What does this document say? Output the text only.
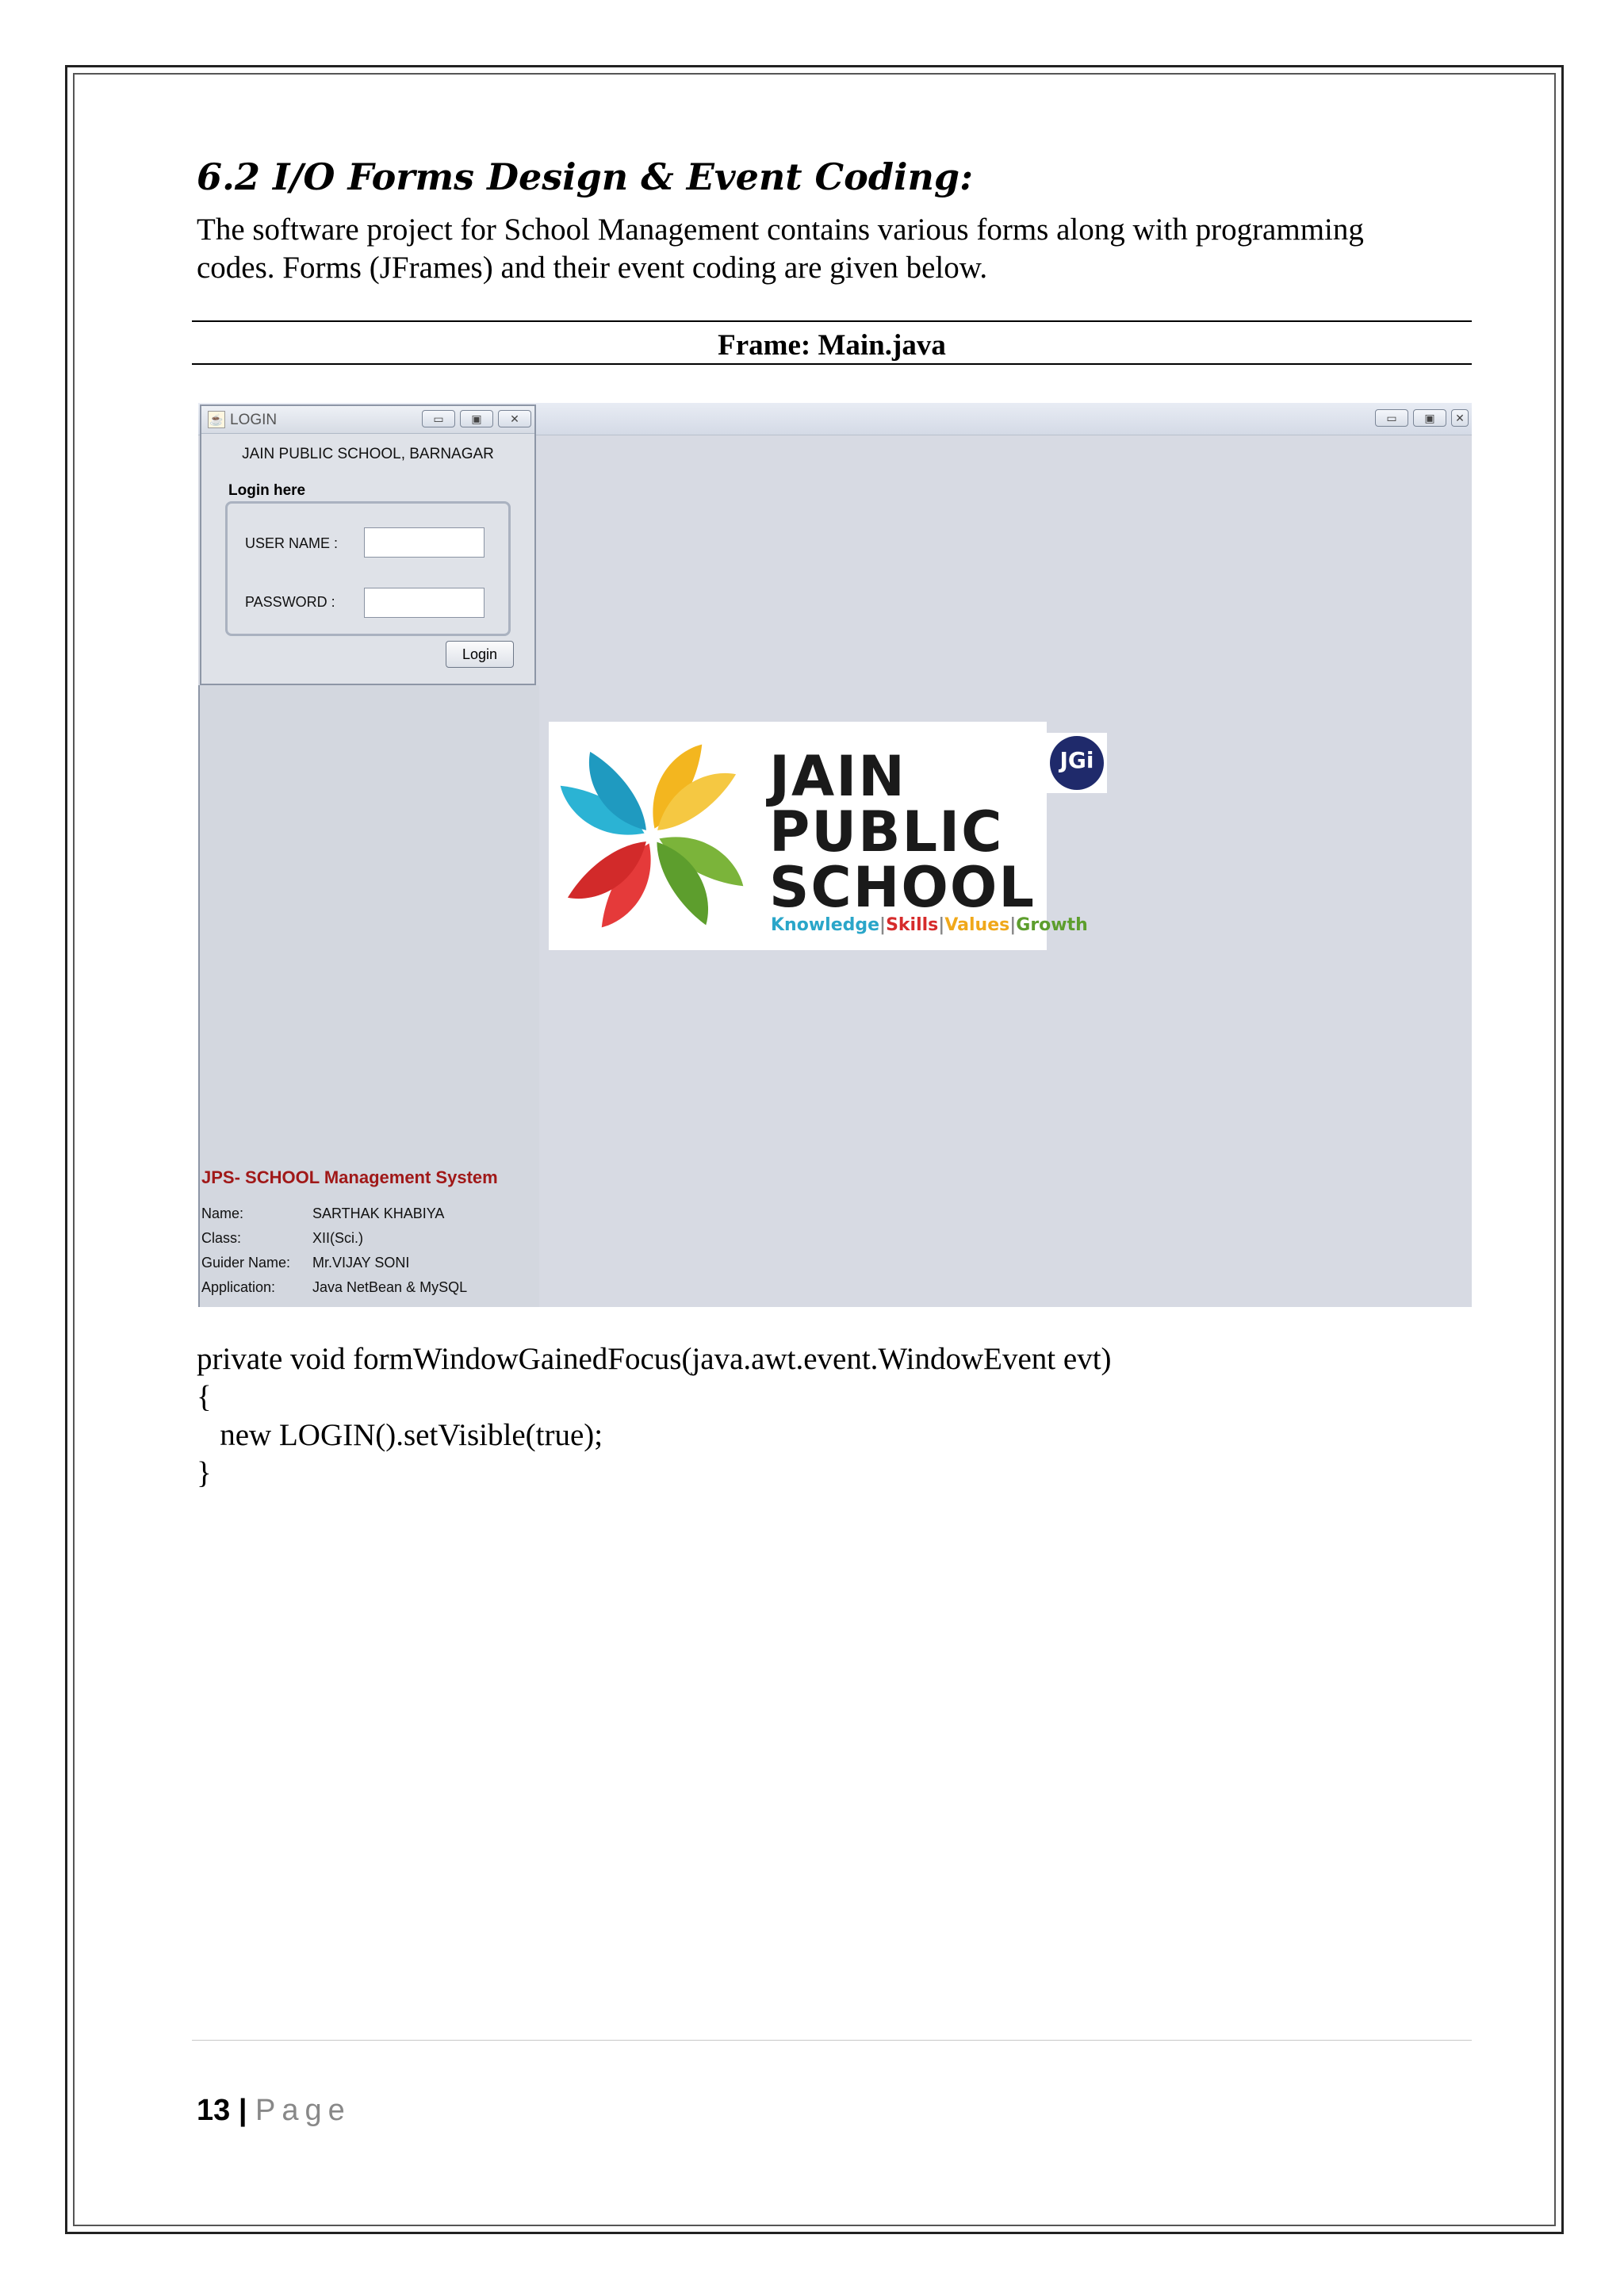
6.2 I/O Forms Design & Event Coding:
The software project for School Management contains various forms along with programming
codes. Forms (JFrames) and their event coding are given below.
Frame: Main.java
▭	▣	✕
☕ LOGIN	▭	▣	✕
JAIN PUBLIC SCHOOL, BARNAGAR
Login here
USER NAME :
PASSWORD :
Login
JAIN
PUBLIC
SCHOOL
Knowledge|Skills|Values|Growth
JGi
JPS- SCHOOL Management System
Name:	SARTHAK KHABIYA
Class:	XII(Sci.)
Guider Name: Mr.VIJAY SONI
Application:	Java NetBean & MySQL
private void formWindowGainedFocus(java.awt.event.WindowEvent evt)
{
new LOGIN().setVisible(true);
}
13 | Page
